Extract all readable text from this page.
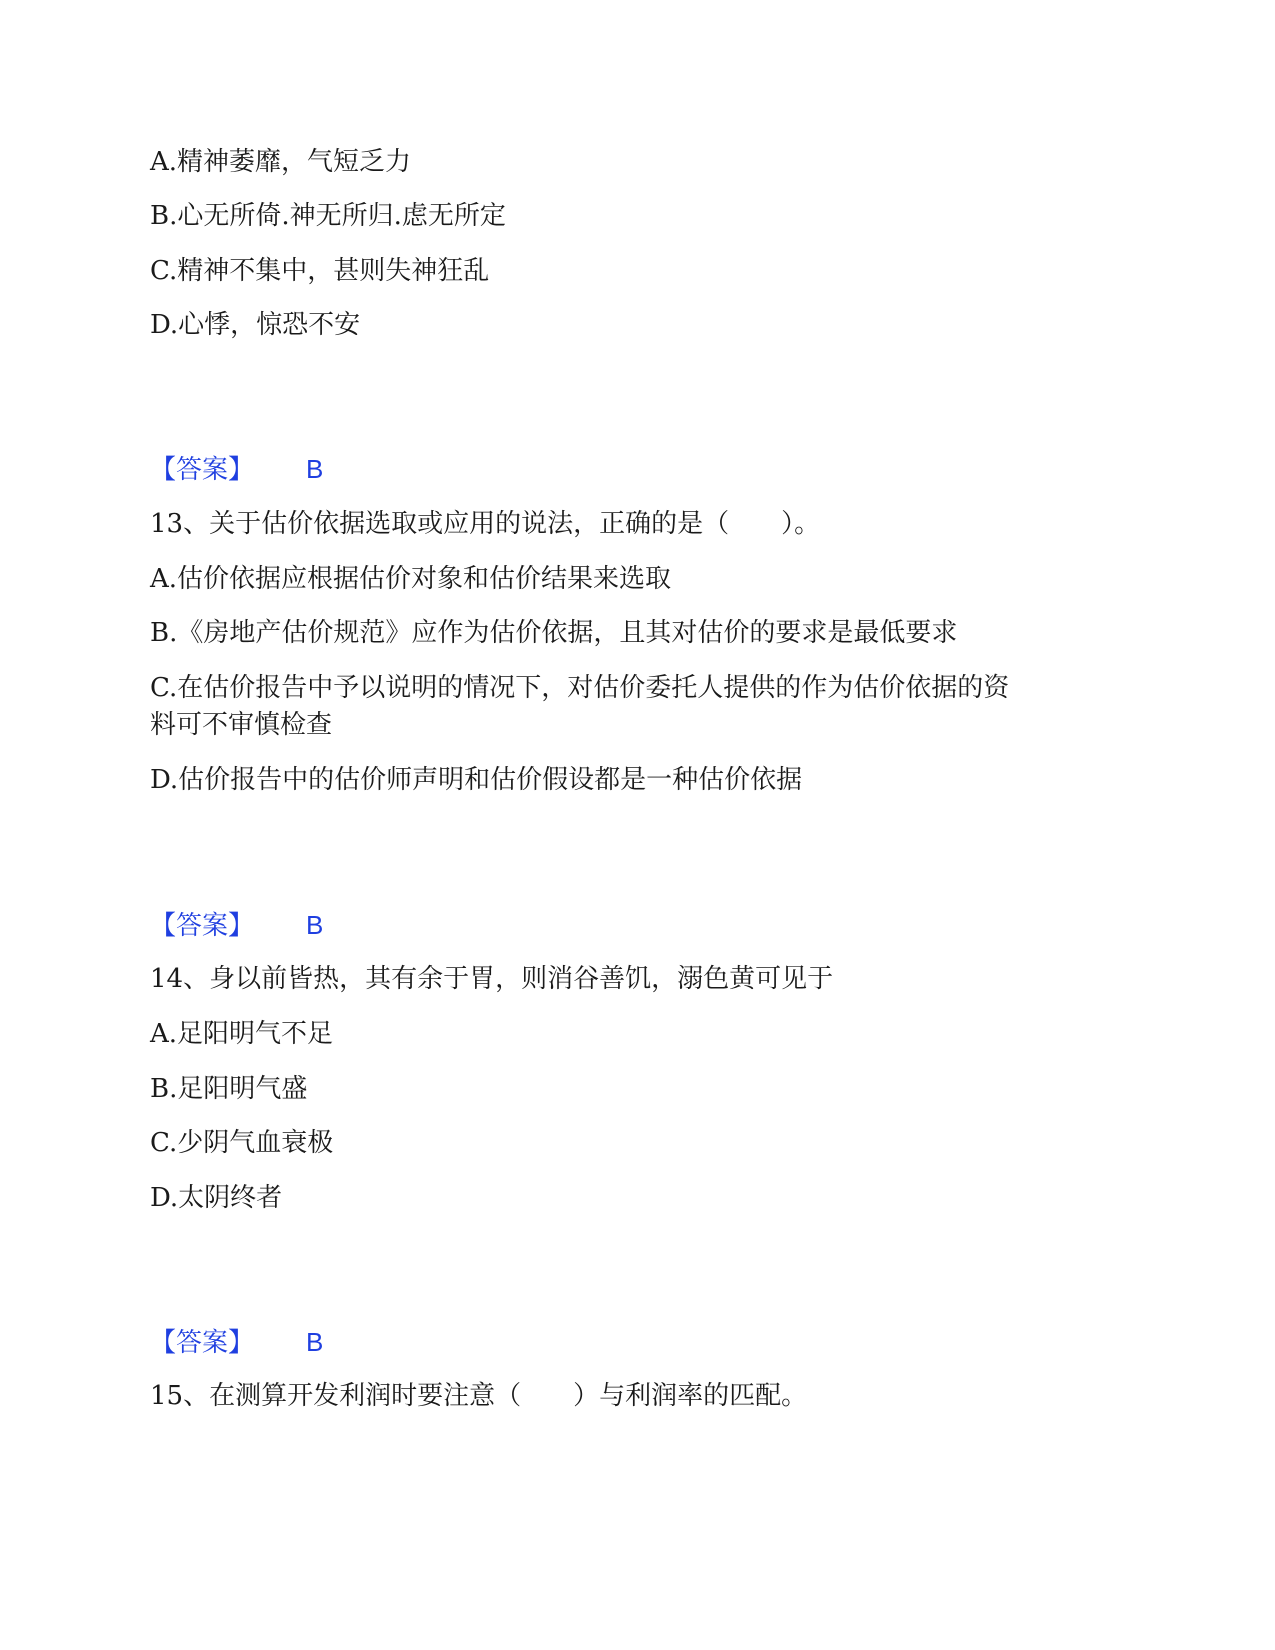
A.精神萎靡，气短乏力
B.心无所倚.神无所归.虑无所定
C.精神不集中，甚则失神狂乱
D.心悸，惊恐不安
【答案】 B
13、关于估价依据选取或应用的说法，正确的是（　　）。
A.估价依据应根据估价对象和估价结果来选取
B.《房地产估价规范》应作为估价依据，且其对估价的要求是最低要求
C.在估价报告中予以说明的情况下，对估价委托人提供的作为估价依据的资
料可不审慎检查
D.估价报告中的估价师声明和估价假设都是一种估价依据
【答案】 B
14、身以前皆热，其有余于胃，则消谷善饥，溺色黄可见于
A.足阳明气不足
B.足阳明气盛
C.少阴气血衰极
D.太阴终者
【答案】 B
15、在测算开发利润时要注意（　　）与利润率的匹配。
